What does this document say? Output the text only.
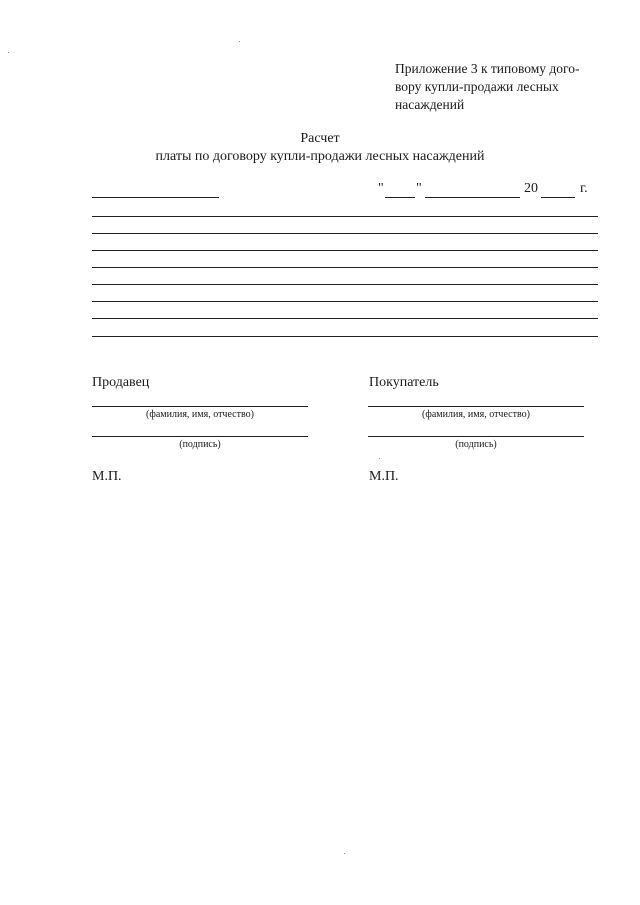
Приложение 3 к типовому дого-
вору купли-продажи лесных
насаждений
Расчет
платы по договору купли-продажи лесных насаждений
" "	20	г.
Продавец
(фамилия, имя, отчество)
(подпись)
М.П.
Покупатель
(фамилия, имя, отчество)
(подпись)
М.П.
